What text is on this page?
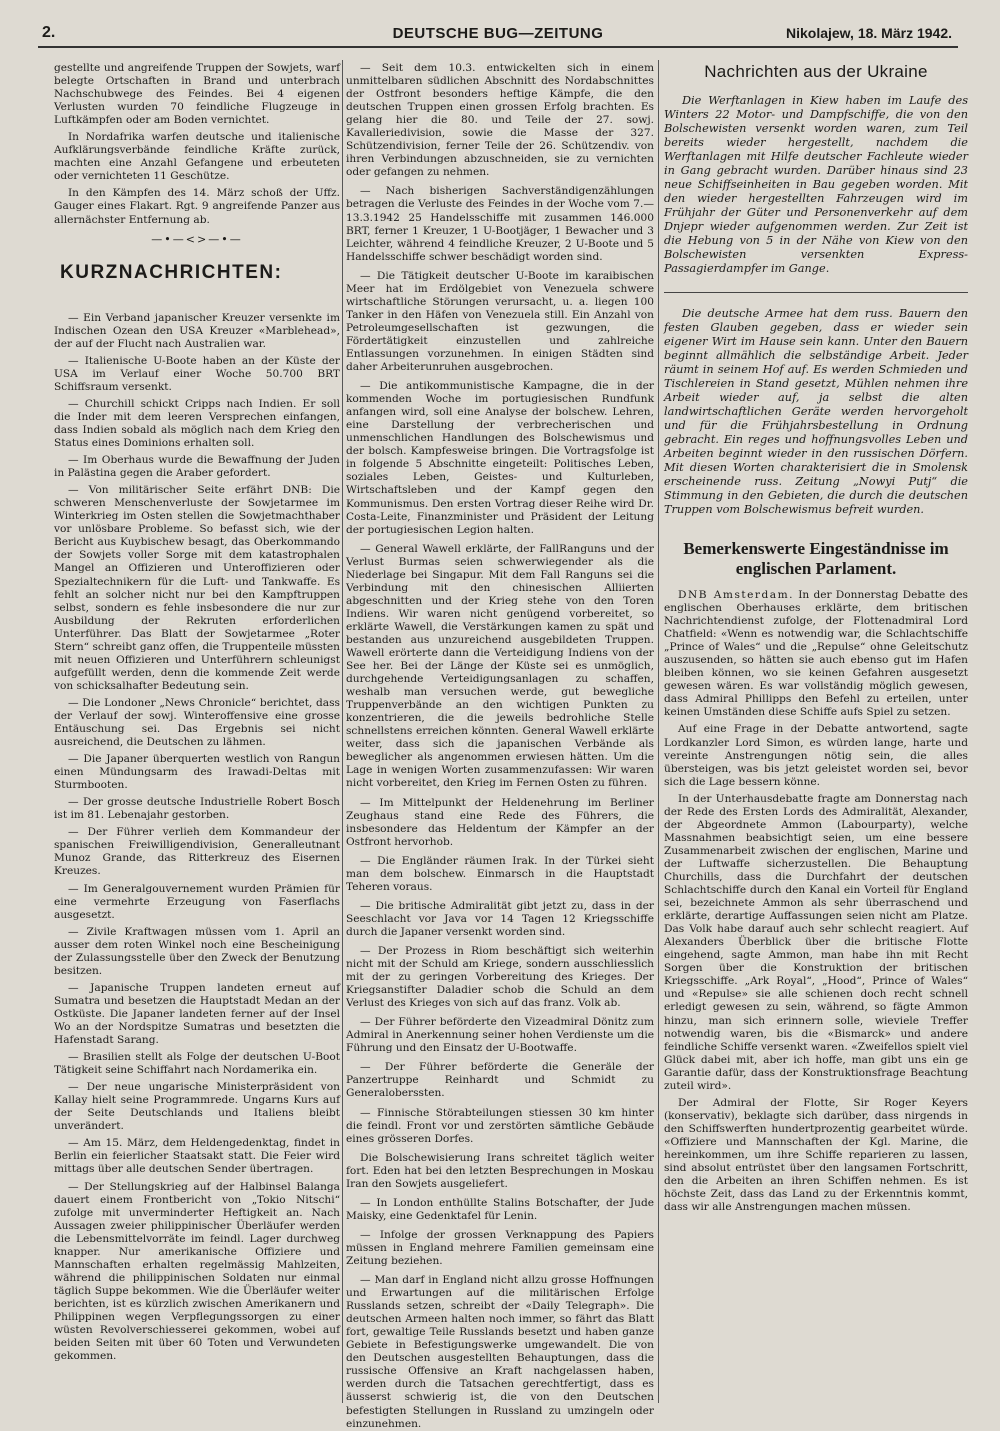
2.	DEUTSCHE BUG—ZEITUNG	Nikolajew, 18. März 1942.

gestellte und angreifende Truppen der Sowjets, warf belegte Ortschaften in Brand und unterbrach Nachschubwege des Feindes. Bei 4 eigenen Verlusten wurden 70 feindliche Flugzeuge in Luftkämpfen oder am Boden vernichtet.

In Nordafrika warfen deutsche und italienische Aufklärungsverbände feindliche Kräfte zurück, machten eine Anzahl Gefangene und erbeuteten oder vernichteten 11 Geschütze.

In den Kämpfen des 14. März schoß der Uffz. Gauger eines Flakart. Rgt. 9 angreifende Panzer aus allernächster Entfernung ab.

—•—<>—•—
KURZNACHRICHTEN:

— Ein Verband japanischer Kreuzer versenkte im Indischen Ozean den USA Kreuzer «Marblehead», der auf der Flucht nach Australien war.

— Italienische U-Boote haben an der Küste der USA im Verlauf einer Woche 50.700 BRT Schiffsraum versenkt.

— Churchill schickt Cripps nach Indien. Er soll die Inder mit dem leeren Versprechen einfangen, dass Indien sobald als möglich nach dem Krieg den Status eines Dominions erhalten soll.

— Im Oberhaus wurde die Bewaffnung der Juden in Palästina gegen die Araber gefordert.

— Von militärischer Seite erfährt DNB: Die schweren Menschenverluste der Sowjetarmee im Winterkrieg im Osten stellen die Sowjetmachthaber vor unlösbare Probleme. So befasst sich, wie der Bericht aus Kuybischew besagt, das Oberkommando der Sowjets voller Sorge mit dem katastrophalen Mangel an Offizieren und Unteroffizieren oder Spezialtechnikern für die Luft- und Tankwaffe. Es fehlt an solcher nicht nur bei den Kampftruppen selbst, sondern es fehle insbesondere die nur zur Ausbildung der Rekruten erforderlichen Unterführer. Das Blatt der Sowjetarmee „Roter Stern“ schreibt ganz offen, die Truppenteile müssten mit neuen Offizieren und Unterführern schleunigst aufgefüllt werden, denn die kommende Zeit werde von schicksalhafter Bedeutung sein.

— Die Londoner „News Chronicle“ berichtet, dass der Verlauf der sowj. Winteroffensive eine grosse Entäuschung sei. Das Ergebnis sei nicht ausreichend, die Deutschen zu lähmen.

— Die Japaner überquerten westlich von Rangun einen Mündungsarm des Irawadi-Deltas mit Sturmbooten.

— Der grosse deutsche Industrielle Robert Bosch ist im 81. Lebenajahr gestorben.

— Der Führer verlieh dem Kommandeur der spanischen Freiwilligendivision, Generalleutnant Munoz Grande, das Ritterkreuz des Eisernen Kreuzes.

— Im Generalgouvernement wurden Prämien für eine vermehrte Erzeugung von Faserflachs ausgesetzt.

— Zivile Kraftwagen müssen vom 1. April an ausser dem roten Winkel noch eine Bescheinigung der Zulassungsstelle über den Zweck der Benutzung besitzen.

— Japanische Truppen landeten erneut auf Sumatra und besetzen die Hauptstadt Medan an der Ostküste. Die Japaner landeten ferner auf der Insel Wo an der Nordspitze Sumatras und besetzten die Hafenstadt Sarang.

— Brasilien stellt als Folge der deutschen U-Boot Tätigkeit seine Schiffahrt nach Nordamerika ein.

— Der neue ungarische Ministerpräsident von Kallay hielt seine Programmrede. Ungarns Kurs auf der Seite Deutschlands und Italiens bleibt unverändert.

— Am 15. März, dem Heldengedenktag, findet in Berlin ein feierlicher Staatsakt statt. Die Feier wird mittags über alle deutschen Sender übertragen.

— Der Stellungskrieg auf der Halbinsel Balanga dauert einem Frontbericht von „Tokio Nitschi“ zufolge mit unverminderter Heftigkeit an. Nach Aussagen zweier philippinischer Überläufer werden die Lebensmittelvorräte im feindl. Lager durchweg knapper. Nur amerikanische Offiziere und Mannschaften erhalten regelmässig Mahlzeiten, während die philippinischen Soldaten nur einmal täglich Suppe bekommen. Wie die Überläufer weiter berichten, ist es kürzlich zwischen Amerikanern und Philippinen wegen Verpflegungssorgen zu einer wüsten Revolverschiesserei gekommen, wobei auf beiden Seiten mit über 60 Toten und Verwundeten gekommen.

— Seit dem 10.3. entwickelten sich in einem unmittelbaren südlichen Abschnitt des Nordabschnittes der Ostfront besonders heftige Kämpfe, die den deutschen Truppen einen grossen Erfolg brachten. Es gelang hier die 80. und Teile der 27. sowj. Kavalleriedivision, sowie die Masse der 327. Schützendivision, ferner Teile der 26. Schützendiv. von ihren Verbindungen abzuschneiden, sie zu vernichten oder gefangen zu nehmen.

— Nach bisherigen Sachverständigenzählungen betragen die Verluste des Feindes in der Woche vom 7.—13.3.1942 25 Handelsschiffe mit zusammen 146.000 BRT, ferner 1 Kreuzer, 1 U-Bootjäger, 1 Bewacher und 3 Leichter, während 4 feindliche Kreuzer, 2 U-Boote und 5 Handelsschiffe schwer beschädigt worden sind.

— Die Tätigkeit deutscher U-Boote im karaibischen Meer hat im Erdölgebiet von Venezuela schwere wirtschaftliche Störungen verursacht, u. a. liegen 100 Tanker in den Häfen von Venezuela still. Ein Anzahl von Petroleumgesellschaften ist gezwungen, die Fördertätigkeit einzustellen und zahlreiche Entlassungen vorzunehmen. In einigen Städten sind daher Arbeiterunruhen ausgebrochen.

— Die antikommunistische Kampagne, die in der kommenden Woche im portugiesischen Rundfunk anfangen wird, soll eine Analyse der bolschew. Lehren, eine Darstellung der verbrecherischen und unmenschlichen Handlungen des Bolschewismus und der bolsch. Kampfesweise bringen. Die Vortragsfolge ist in folgende 5 Abschnitte eingeteilt: Politisches Leben, soziales Leben, Geistes- und Kulturleben, Wirtschaftsleben und der Kampf gegen den Kommunismus. Den ersten Vortrag dieser Reihe wird Dr. Costa-Leite, Finanzminister und Präsident der Leitung der portugiesischen Legion halten.

— General Wawell erklärte, der FallRanguns und der Verlust Burmas seien schwerwiegender als die Niederlage bei Singapur. Mit dem Fall Ranguns sei die Verbindung mit den chinesischen Alliierten abgeschnitten und der Krieg stehe von den Toren Indiens. Wir waren nicht genügend vorbereitet, so erklärte Wawell, die Verstärkungen kamen zu spät und bestanden aus unzureichend ausgebildeten Truppen. Wawell erörterte dann die Verteidigung Indiens von der See her. Bei der Länge der Küste sei es unmöglich, durchgehende Verteidigungsanlagen zu schaffen, weshalb man versuchen werde, gut bewegliche Truppenverbände an den wichtigen Punkten zu konzentrieren, die die jeweils bedrohliche Stelle schnellstens erreichen könnten. General Wawell erklärte weiter, dass sich die japanischen Verbände als beweglicher als angenommen erwiesen hätten. Um die Lage in wenigen Worten zusammenzufassen: Wir waren nicht vorbereitet, den Krieg im Fernen Osten zu führen.

— Im Mittelpunkt der Heldenehrung im Berliner Zeughaus stand eine Rede des Führers, die insbesondere das Heldentum der Kämpfer an der Ostfront hervorhob.

— Die Engländer räumen Irak. In der Türkei sieht man dem bolschew. Einmarsch in die Hauptstadt Teheren voraus.

— Die britische Admiralität gibt jetzt zu, dass in der Seeschlacht vor Java vor 14 Tagen 12 Kriegsschiffe durch die Japaner versenkt worden sind.

— Der Prozess in Riom beschäftigt sich weiterhin nicht mit der Schuld am Kriege, sondern ausschliesslich mit der zu geringen Vorbereitung des Krieges. Der Kriegsanstifter Daladier schob die Schuld an dem Verlust des Krieges von sich auf das franz. Volk ab.

— Der Führer beförderte den Vizeadmiral Dönitz zum Admiral in Anerkennung seiner hohen Verdienste um die Führung und den Einsatz der U-Bootwaffe.

— Der Führer beförderte die Generäle der Panzertruppe Reinhardt und Schmidt zu Generaloberssten.

— Finnische Störabteilungen stiessen 30 km hinter die feindl. Front vor und zerstörten sämtliche Gebäude eines grösseren Dorfes.

Die Bolschewisierung Irans schreitet täglich weiter fort. Eden hat bei den letzten Besprechungen in Moskau Iran den Sowjets ausgeliefert.

— In London enthüllte Stalins Botschafter, der Jude Maisky, eine Gedenktafel für Lenin.

— Infolge der grossen Verknappung des Papiers müssen in England mehrere Familien gemeinsam eine Zeitung beziehen.

— Man darf in England nicht allzu grosse Hoffnungen und Erwartungen auf die militärischen Erfolge Russlands setzen, schreibt der «Daily Telegraph». Die deutschen Armeen halten noch immer, so fährt das Blatt fort, gewaltige Teile Russlands besetzt und haben ganze Gebiete in Befestigungswerke umgewandelt. Die von den Deutschen ausgestellten Behauptungen, dass die russische Offensive an Kraft nachgelassen haben, werden durch die Tatsachen gerechtfertigt, dass es äusserst schwierig ist, die von den Deutschen befestigten Stellungen in Russland zu umzingeln oder einzunehmen.

Nachrichten aus der Ukraine

Die Werftanlagen in Kiew haben im Laufe des Winters 22 Motor- und Dampfschiffe, die von den Bolschewisten versenkt worden waren, zum Teil bereits wieder hergestellt, nachdem die Werftanlagen mit Hilfe deutscher Fachleute wieder in Gang gebracht wurden. Darüber hinaus sind 23 neue Schiffseinheiten in Bau gegeben worden. Mit den wieder hergestellten Fahrzeugen wird im Frühjahr der Güter und Personenverkehr auf dem Dnjepr wieder aufgenommen werden. Zur Zeit ist die Hebung von 5 in der Nähe von Kiew von den Bolschewisten versenkten Express-Passagierdampfer im Gange.

Die deutsche Armee hat dem russ. Bauern den festen Glauben gegeben, dass er wieder sein eigener Wirt im Hause sein kann. Unter den Bauern beginnt allmählich die selbständige Arbeit. Jeder räumt in seinem Hof auf. Es werden Schmieden und Tischlereien in Stand gesetzt, Mühlen nehmen ihre Arbeit wieder auf, ja selbst die alten landwirtschaftlichen Geräte werden hervorgeholt und für die Frühjahrsbestellung in Ordnung gebracht. Ein reges und hoffnungsvolles Leben und Arbeiten beginnt wieder in den russischen Dörfern. Mit diesen Worten charakterisiert die in Smolensk erscheinende russ. Zeitung „Nowyi Putj“ die Stimmung in den Gebieten, die durch die deutschen Truppen vom Bolschewismus befreit wurden.

Bemerkenswerte Eingeständnisse im englischen Parlament.

DNB Amsterdam. In der Donnerstag Debatte des englischen Oberhauses erklärte, dem britischen Nachrichtendienst zufolge, der Flottenadmiral Lord Chatfield: «Wenn es notwendig war, die Schlachtschiffe „Prince of Wales“ und die „Repulse“ ohne Geleitschutz auszusenden, so hätten sie auch ebenso gut im Hafen bleiben können, wo sie keinen Gefahren ausgesetzt gewesen wären. Es war vollständig möglich gewesen, dass Admiral Phillipps den Befehl zu erteilen, unter keinen Umständen diese Schiffe aufs Spiel zu setzen.

Auf eine Frage in der Debatte antwortend, sagte Lordkanzler Lord Simon, es würden lange, harte und vereinte Anstrengungen nötig sein, die alles übersteigen, was bis jetzt geleistet worden sei, bevor sich die Lage bessern könne.

In der Unterhausdebatte fragte am Donnerstag nach der Rede des Ersten Lords des Admiralität, Alexander, der Abgeordnete Ammon (Labourparty), welche Massnahmen beabsichtigt seien, um eine bessere Zusammenarbeit zwischen der englischen, Marine und der Luftwaffe sicherzustellen. Die Behauptung Churchills, dass die Durchfahrt der deutschen Schlachtschiffe durch den Kanal ein Vorteil für England sei, bezeichnete Ammon als sehr überraschend und erklärte, derartige Auffassungen seien nicht am Platze. Das Volk habe darauf auch sehr schlecht reagiert. Auf Alexanders Überblick über die britische Flotte eingehend, sagte Ammon, man habe ihn mit Recht Sorgen über die Konstruktion der britischen Kriegsschiffe. „Ark Royal“, „Hood“, Prince of Wales“ und «Repulse» sie alle schienen doch recht schnell erledigt gewesen zu sein, während, so fägte Ammon hinzu, man sich erinnern solle, wieviele Treffer notwendig waren, bis die «Bismarck» und andere feindliche Schiffe versenkt waren. «Zweifellos spielt viel Glück dabei mit, aber ich hoffe, man gibt uns ein ge Garantie dafür, dass der Konstruktionsfrage Beachtung zuteil wird».

Der Admiral der Flotte, Sir Roger Keyers (konservativ), beklagte sich darüber, dass nirgends in den Schiffswerften hundertprozentig gearbeitet würde. «Offiziere und Mannschaften der Kgl. Marine, die hereinkommen, um ihre Schiffe reparieren zu lassen, sind absolut entrüstet über den langsamen Fortschritt, den die Arbeiten an ihren Schiffen nehmen. Es ist höchste Zeit, dass das Land zu der Erkenntnis kommt, dass wir alle Anstrengungen machen müssen.
